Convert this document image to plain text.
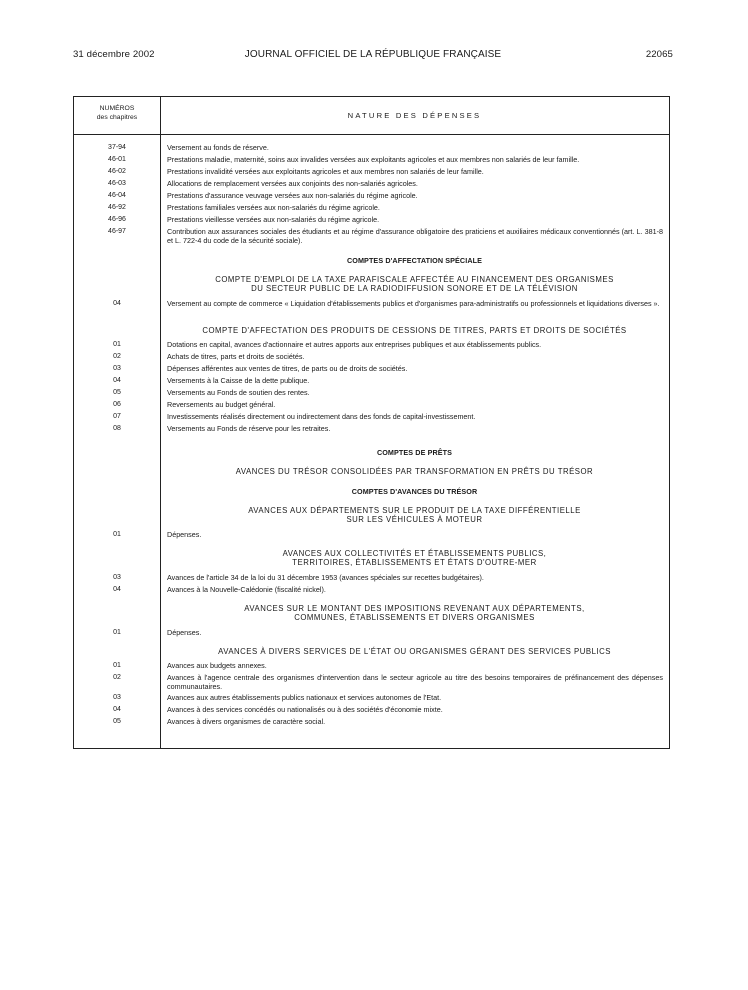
31 décembre 2002	JOURNAL OFFICIEL DE LA RÉPUBLIQUE FRANÇAISE	22065
NUMÉROS
des chapitres	NATURE DES DÉPENSES
37-94	Versement au fonds de réserve.
46-01	Prestations maladie, maternité, soins aux invalides versées aux exploitants agricoles et aux membres non salariés de leur famille.
46-02	Prestations invalidité versées aux exploitants agricoles et aux membres non salariés de leur famille.
46-03	Allocations de remplacement versées aux conjoints des non-salariés agricoles.
46-04	Prestations d'assurance veuvage versées aux non-salariés du régime agricole.
46-92	Prestations familiales versées aux non-salariés du régime agricole.
46-96	Prestations vieillesse versées aux non-salariés du régime agricole.
46-97	Contribution aux assurances sociales des étudiants et au régime d'assurance obligatoire des praticiens et auxiliaires médicaux conventionnés (art. L. 381-8 et L. 722-4 du code de la sécurité sociale).
COMPTES D'AFFECTATION SPÉCIALE
COMPTE D'EMPLOI DE LA TAXE PARAFISCALE AFFECTÉE AU FINANCEMENT DES ORGANISMES
DU SECTEUR PUBLIC DE LA RADIODIFFUSION SONORE ET DE LA TÉLÉVISION
04	Versement au compte de commerce « Liquidation d'établissements publics et d'organismes para-administratifs ou professionnels et liquidations diverses ».
COMPTE D'AFFECTATION DES PRODUITS DE CESSIONS DE TITRES, PARTS ET DROITS DE SOCIÉTÉS
01	Dotations en capital, avances d'actionnaire et autres apports aux entreprises publiques et aux établissements publics.
02	Achats de titres, parts et droits de sociétés.
03	Dépenses afférentes aux ventes de titres, de parts ou de droits de sociétés.
04	Versements à la Caisse de la dette publique.
05	Versements au Fonds de soutien des rentes.
06	Reversements au budget général.
07	Investissements réalisés directement ou indirectement dans des fonds de capital-investissement.
08	Versements au Fonds de réserve pour les retraites.
COMPTES DE PRÊTS
AVANCES DU TRÉSOR CONSOLIDÉES PAR TRANSFORMATION EN PRÊTS DU TRÉSOR
COMPTES D'AVANCES DU TRÉSOR
AVANCES AUX DÉPARTEMENTS SUR LE PRODUIT DE LA TAXE DIFFÉRENTIELLE
SUR LES VÉHICULES À MOTEUR
01	Dépenses.
AVANCES AUX COLLECTIVITÉS ET ÉTABLISSEMENTS PUBLICS,
TERRITOIRES, ÉTABLISSEMENTS ET ÉTATS D'OUTRE-MER
03	Avances de l'article 34 de la loi du 31 décembre 1953 (avances spéciales sur recettes budgétaires).
04	Avances à la Nouvelle-Calédonie (fiscalité nickel).
AVANCES SUR LE MONTANT DES IMPOSITIONS REVENANT AUX DÉPARTEMENTS,
COMMUNES, ÉTABLISSEMENTS ET DIVERS ORGANISMES
01	Dépenses.
AVANCES À DIVERS SERVICES DE L'ÉTAT OU ORGANISMES GÉRANT DES SERVICES PUBLICS
01	Avances aux budgets annexes.
02	Avances à l'agence centrale des organismes d'intervention dans le secteur agricole au titre des besoins temporaires de préfinancement des dépenses communautaires.
03	Avances aux autres établissements publics nationaux et services autonomes de l'Etat.
04	Avances à des services concédés ou nationalisés ou à des sociétés d'économie mixte.
05	Avances à divers organismes de caractère social.
